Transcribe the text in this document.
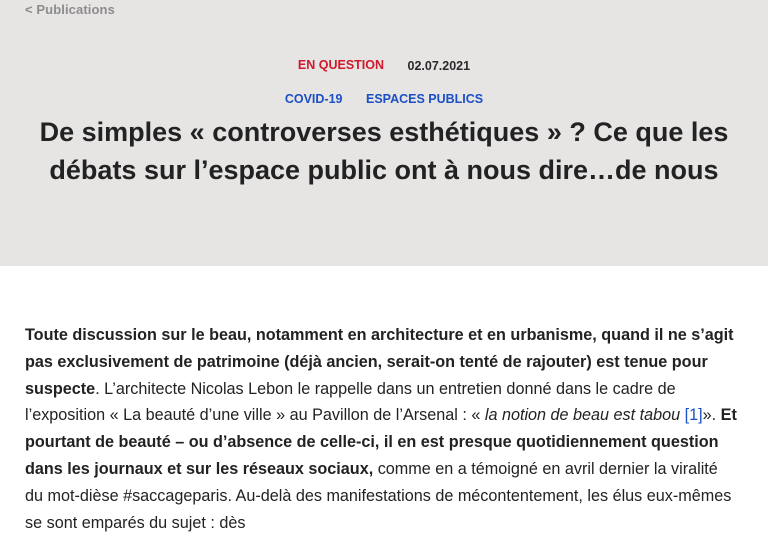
< Publications
EN QUESTION 02.07.2021
COVID-19 ESPACES PUBLICS
De simples « controverses esthétiques » ? Ce que les
débats sur l’espace public ont à nous dire…de nous

Toute discussion sur le beau, notamment en architecture et en urbanisme, quand il ne s’agit pas exclusivement de patrimoine (déjà ancien, serait-on tenté de rajouter) est tenue pour suspecte. L’architecte Nicolas Lebon le rappelle dans un entretien donné dans le cadre de l’exposition « La beauté d’une ville » au Pavillon de l’Arsenal : « la notion de beau est tabou [1]». Et pourtant de beauté – ou d’absence de celle-ci, il en est presque quotidiennement question dans les journaux et sur les réseaux sociaux, comme en a témoigné en avril dernier la viralité du mot-dièse #saccageparis. Au-delà des manifestations de mécontentement, les élus eux-mêmes se sont emparés du sujet : dès
